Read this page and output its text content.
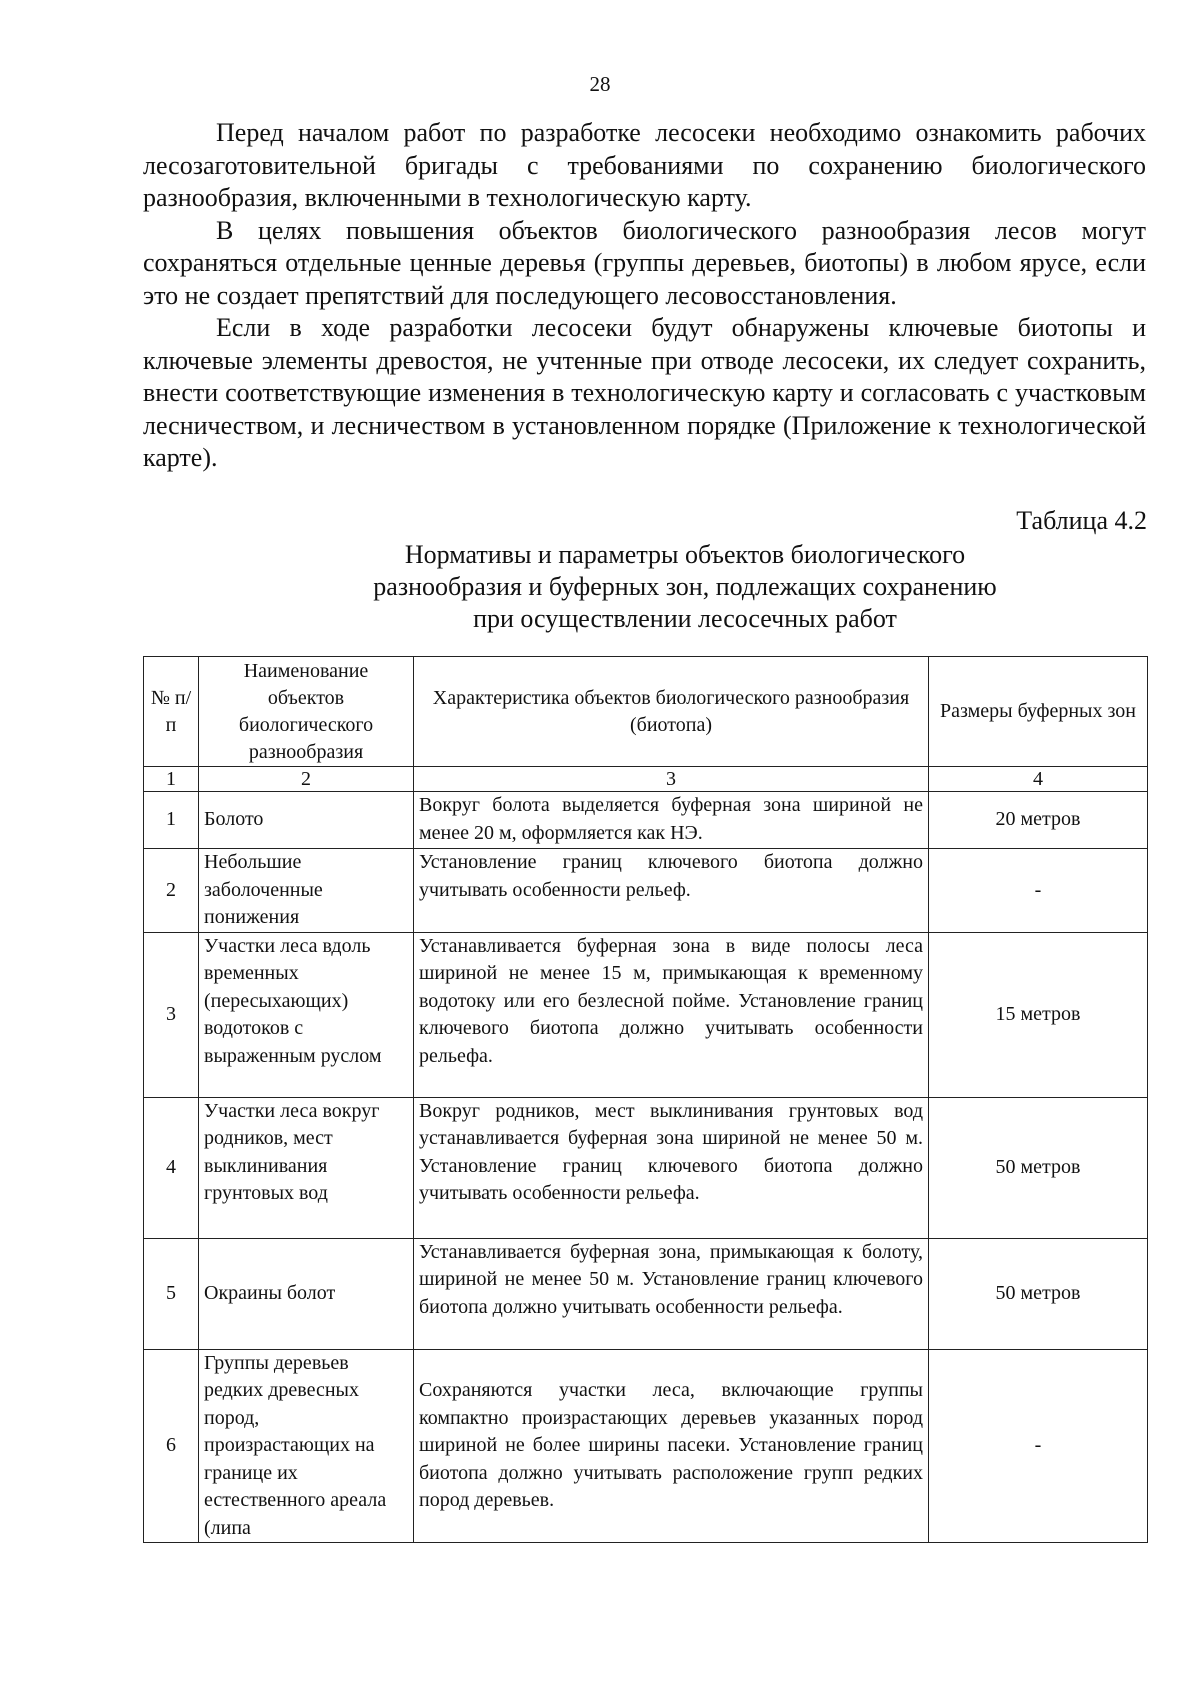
28

Перед началом работ по разработке лесосеки необходимо ознакомить рабочих лесозаготовительной бригады с требованиями по сохранению биологического разнообразия, включенными в технологическую карту.

В целях повышения объектов биологического разнообразия лесов могут сохраняться отдельные ценные деревья (группы деревьев, биотопы) в любом ярусе, если это не создает препятствий для последующего лесовосстановления.

Если в ходе разработки лесосеки будут обнаружены ключевые биотопы и ключевые элементы древостоя, не учтенные при отводе лесосеки, их следует сохранить, внести соответствующие изменения в технологическую карту и согласовать с участковым лесничеством, и лесничеством в установленном порядке (Приложение к технологической карте).

Таблица 4.2
Нормативы и параметры объектов биологического
разнообразия и буферных зон, подлежащих сохранению
при осуществлении лесосечных работ
№ п/п	Наименование объектов биологического разнообразия	Характеристика объектов биологического разнообразия (биотопа)	Размеры буферных зон
1	2	3	4
1	Болото	Вокруг болота выделяется буферная зона шириной не менее 20 м, оформляется как НЭ.	20 метров
2	Небольшие заболоченные понижения	Установление границ ключевого биотопа должно учитывать особенности рельеф.	-
3	Участки леса вдоль временных (пересыхающих) водотоков с выраженным руслом	Устанавливается буферная зона в виде полосы леса шириной не менее 15 м, примыкающая к временному водотоку или его безлесной пойме. Установление границ ключевого биотопа должно учитывать особенности рельефа.	15 метров
4	Участки леса вокруг родников, мест выклинивания грунтовых вод	Вокруг родников, мест выклинивания грунтовых вод устанавливается буферная зона шириной не менее 50 м. Установление границ ключевого биотопа должно учитывать особенности рельефа.	50 метров
5	Окраины болот	Устанавливается буферная зона, примыкающая к болоту, шириной не менее 50 м. Установление границ ключевого биотопа должно учитывать особенности рельефа.	50 метров
6	Группы деревьев редких древесных пород, произрастающих на границе их естественного ареала (липа	Сохраняются участки леса, включающие группы компактно произрастающих деревьев указанных пород шириной не более ширины пасеки. Установление границ биотопа должно учитывать расположение групп редких пород деревьев.	-
